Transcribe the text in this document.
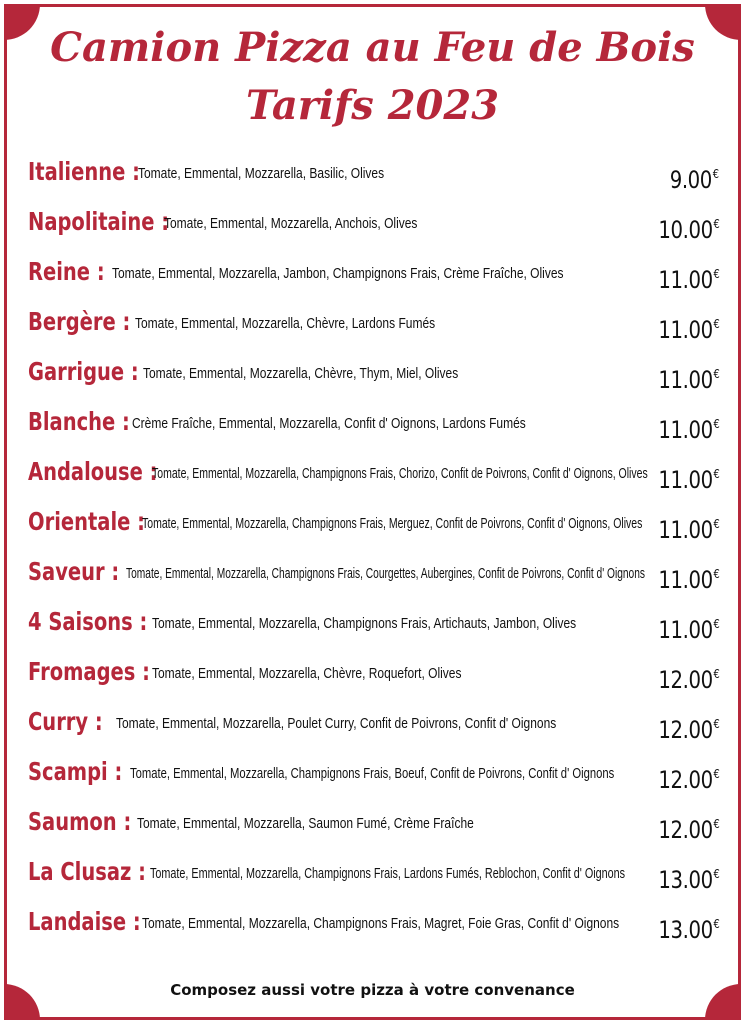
Camion Pizza au Feu de Bois
Tarifs 2023
Italienne :
Tomate, Emmental, Mozzarella, Basilic, Olives	9.00€
Napolitaine :
Tomate, Emmental, Mozzarella, Anchois, Olives	10.00€
Reine : Tomate, Emmental, Mozzarella, Jambon, Champignons Frais, Crème Fraîche, Olives	11.00€
Bergère : Tomate, Emmental, Mozzarella, Chèvre, Lardons Fumés	11.00€
Garrigue : Tomate, Emmental, Mozzarella, Chèvre, Thym, Miel, Olives	11.00€
Blanche : Crème Fraîche, Emmental, Mozzarella, Confit d' Oignons, Lardons Fumés	11.00€
Andalouse :
Tomate, Emmental, Mozzarella, Champignons Frais, Chorizo, Confit de Poivrons, Confit d' Oignons, Olives 11.00€
Orientale :
Tomate, Emmental, Mozzarella, Champignons Frais, Merguez, Confit de Poivrons, Confit d' Oignons, Olives 11.00€
Saveur : Tomate, Emmental, Mozzarella, Champignons Frais, Courgettes, Aubergines, Confit de Poivrons, Confit d' Oignons 11.00€
4 Saisons : Tomate, Emmental, Mozzarella, Champignons Frais, Artichauts, Jambon, Olives	11.00€
Fromages : Tomate, Emmental, Mozzarella, Chèvre, Roquefort, Olives	12.00€
Curry : Tomate, Emmental, Mozzarella, Poulet Curry, Confit de Poivrons, Confit d' Oignons	12.00€
Scampi : Tomate, Emmental, Mozzarella, Champignons Frais, Boeuf, Confit de Poivrons, Confit d' Oignons 12.00€
Saumon : Tomate, Emmental, Mozzarella, Saumon Fumé, Crème Fraîche	12.00€
La Clusaz : Tomate, Emmental, Mozzarella, Champignons Frais, Lardons Fumés, Reblochon, Confit d' Oignons 13.00€
Landaise : Tomate, Emmental, Mozzarella, Champignons Frais, Magret, Foie Gras, Confit d' Oignons 13.00€
Composez aussi votre pizza à votre convenance
